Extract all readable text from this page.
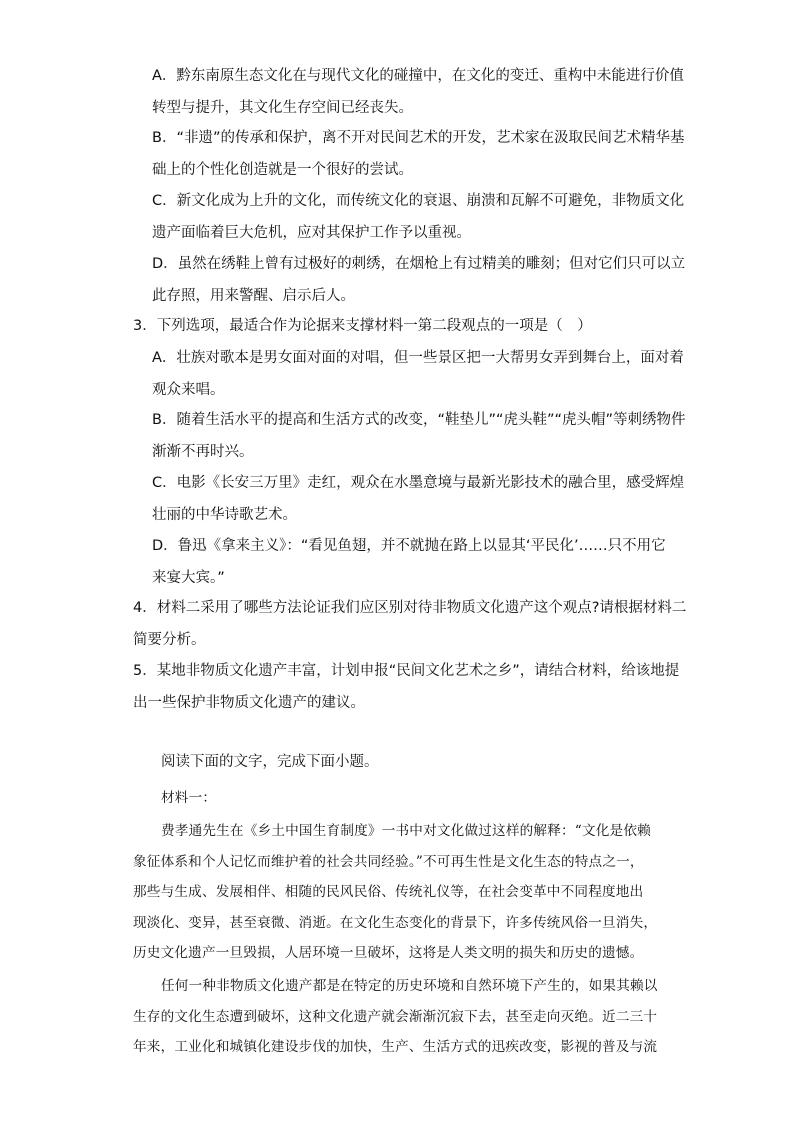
A．黔东南原生态文化在与现代文化的碰撞中，在文化的变迁、重构中未能进行价值
转型与提升，其文化生存空间已经丧失。
B．“非遗”的传承和保护，离不开对民间艺术的开发，艺术家在汲取民间艺术精华基
础上的个性化创造就是一个很好的尝试。
C．新文化成为上升的文化，而传统文化的衰退、崩溃和瓦解不可避免，非物质文化
遗产面临着巨大危机，应对其保护工作予以重视。
D．虽然在绣鞋上曾有过极好的刺绣，在烟枪上有过精美的雕刻；但对它们只可以立
此存照，用来警醒、启示后人。
3．下列选项，最适合作为论据来支撑材料一第二段观点的一项是（　）
A．壮族对歌本是男女面对面的对唱，但一些景区把一大帮男女弄到舞台上，面对着
观众来唱。
B．随着生活水平的提高和生活方式的改变，“鞋垫儿”“虎头鞋”“虎头帽”等刺绣物件
渐渐不再时兴。
C．电影《长安三万里》走红，观众在水墨意境与最新光影技术的融合里，感受辉煌
壮丽的中华诗歌艺术。
D．鲁迅《拿来主义》：“看见鱼翅，并不就抛在路上以显其‘平民化’……只不用它
来宴大宾。”
4．材料二采用了哪些方法论证我们应区别对待非物质文化遗产这个观点?请根据材料二
简要分析。
5．某地非物质文化遗产丰富，计划申报“民间文化艺术之乡”，请结合材料，给该地提
出一些保护非物质文化遗产的建议。
阅读下面的文字，完成下面小题。
材料一：
费孝通先生在《乡土中国生育制度》一书中对文化做过这样的解释：“文化是依赖
象征体系和个人记忆而维护着的社会共同经验。”不可再生性是文化生态的特点之一，
那些与生成、发展相伴、相随的民风民俗、传统礼仪等，在社会变革中不同程度地出
现淡化、变异，甚至衰微、消逝。在文化生态变化的背景下，许多传统风俗一旦消失，
历史文化遗产一旦毁损，人居环境一旦破坏，这将是人类文明的损失和历史的遗憾。
任何一种非物质文化遗产都是在特定的历史环境和自然环境下产生的，如果其赖以
生存的文化生态遭到破坏，这种文化遗产就会渐渐沉寂下去，甚至走向灭绝。近二三十
年来，工业化和城镇化建设步伐的加快，生产、生活方式的迅疾改变，影视的普及与流
